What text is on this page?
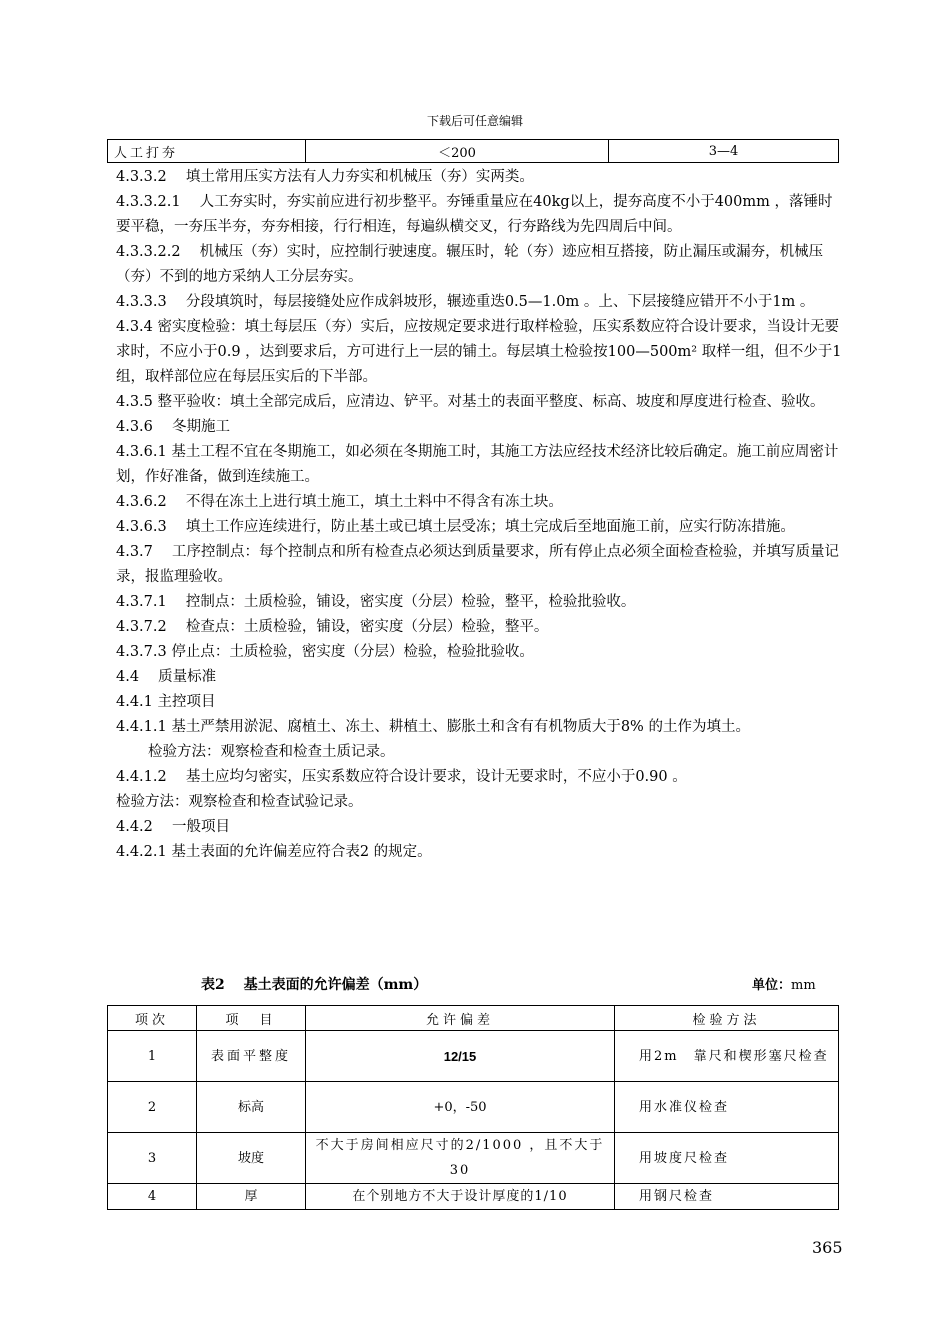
下载后可任意编辑
人工打夯	＜200	3—4

4.3.3.2　 填土常用压实方法有人力夯实和机械压（夯）实两类。

4.3.3.2.1　 人工夯实时，夯实前应进行初步整平。夯锤重量应在40kg以上，提夯高度不小于400mm ，落锤时要平稳，一夯压半夯，夯夯相接，行行相连，每遍纵横交叉，行夯路线为先四周后中间。

4.3.3.2.2　 机械压（夯）实时，应控制行驶速度。辗压时，轮（夯）迹应相互搭接，防止漏压或漏夯，机械压（夯）不到的地方采纳人工分层夯实。

4.3.3.3　 分段填筑时，每层接缝处应作成斜坡形，辗迹重迭0.5—1.0m 。上、下层接缝应错开不小于1m 。

4.3.4 密实度检验：填土每层压（夯）实后，应按规定要求进行取样检验，压实系数应符合设计要求，当设计无要求时，不应小于0.9 ，达到要求后，方可进行上一层的铺土。每层填土检验按100—500m² 取样一组，但不少于1 组，取样部位应在每层压实后的下半部。

4.3.5 整平验收：填土全部完成后，应清边、铲平。对基土的表面平整度、标高、坡度和厚度进行检查、验收。

4.3.6　 冬期施工

4.3.6.1 基土工程不宜在冬期施工，如必须在冬期施工时，其施工方法应经技术经济比较后确定。施工前应周密计划，作好准备，做到连续施工。

4.3.6.2　 不得在冻土上进行填土施工，填土土料中不得含有冻土块。

4.3.6.3　 填土工作应连续进行，防止基土或已填土层受冻；填土完成后至地面施工前，应实行防冻措施。

4.3.7　 工序控制点：每个控制点和所有检查点必须达到质量要求，所有停止点必须全面检查检验，并填写质量记录，报监理验收。

4.3.7.1　 控制点：土质检验，铺设，密实度（分层）检验，整平，检验批验收。

4.3.7.2　 检查点：土质检验，铺设，密实度（分层）检验，整平。

4.3.7.3 停止点：土质检验，密实度（分层）检验，检验批验收。

4.4　 质量标准

4.4.1 主控项目

4.4.1.1 基土严禁用淤泥、腐植土、冻土、耕植土、膨胀土和含有有机物质大于8% 的土作为填土。

检验方法：观察检查和检查土质记录。

4.4.1.2　 基土应均匀密实，压实系数应符合设计要求，设计无要求时，不应小于0.90 。

检验方法：观察检查和检查试验记录。

4.4.2　 一般项目

4.4.2.1 基土表面的允许偏差应符合表2 的规定。

表2　 基土表面的允许偏差（mm）	单位：mm
项次	项　目	允许偏差	检验方法
1	表面平整度	12/15	用2m　靠尺和楔形塞尺检查
2	标高	+0，-50	用水准仪检查
3	坡度	不大于房间相应尺寸的2/1000 ，且不大于30	用坡度尺检查
4	厚	在个别地方不大于设计厚度的1/10	用钢尺检查
365
